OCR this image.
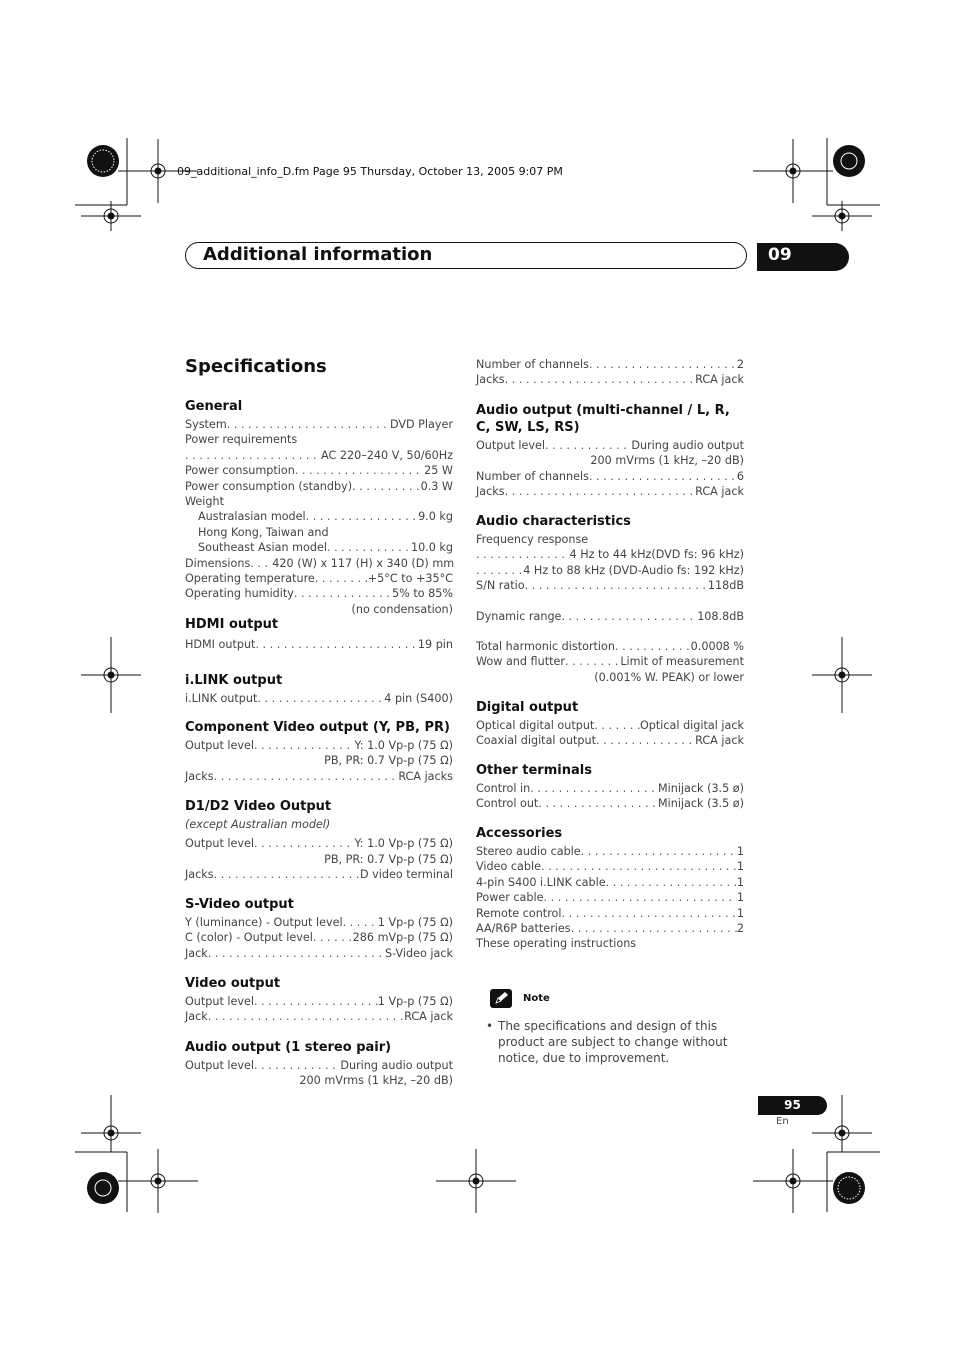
09_additional_info_D.fm Page 95 Thursday, October 13, 2005 9:07 PM
Additional information	09
Specifications
General
System . . .	DVD Player
Power requirements
. . .
AC 220–240 V, 50/60Hz
Power consumption . . .	25 W
Power consumption (standby) . . .	0.3 W
Weight
Australasian model . . .	9.0 kg
Hong Kong, Taiwan and
Southeast Asian model . . .	10.0 kg
Dimensions . . . 420 (W) x 117 (H) x 340 (D) mm
Operating temperature . . .	+5°C to +35°C
Operating humidity . . .	5% to 85%
(no condensation)
HDMI output
HDMI output . . .	19 pin
i.LINK output
i.LINK output . . .	4 pin (S400)
Component Video output (Y, PB, PR)
Output level . . .	Y: 1.0 Vp-p (75 Ω)
PB, PR: 0.7 Vp-p (75 Ω)
Jacks . . .	RCA jacks
D1/D2 Video Output
(except Australian model)
Output level . . .	Y: 1.0 Vp-p (75 Ω)
PB, PR: 0.7 Vp-p (75 Ω)
Jacks . . .	D video terminal
S-Video output
Y (luminance) - Output level . . .	1 Vp-p (75 Ω)
C (color) - Output level . . .	286 mVp-p (75 Ω)
Jack . . .	S-Video jack
Video output
Output level . . .	1 Vp-p (75 Ω)
Jack . . .	RCA jack
Audio output (1 stereo pair)
Output level . . .	During audio output
200 mVrms (1 kHz, –20 dB)
Number of channels . . .	2
Jacks . . .	RCA jack
Audio output (multi-channel / L, R, C, SW, LS, RS)
Output level . . .	During audio output
200 mVrms (1 kHz, –20 dB)
Number of channels . . .	6
Jacks . . .	RCA jack
Audio characteristics
Frequency response
. . .
4 Hz to 44 kHz(DVD fs: 96 kHz)
. . .
4 Hz to 88 kHz (DVD-Audio fs: 192 kHz)
S/N ratio . . .	118dB
Dynamic range . . .	108.8dB
Total harmonic distortion . . .	0.0008 %
Wow and flutter . . .	Limit of measurement
(0.001% W. PEAK) or lower
Digital output
Optical digital output . . .	Optical digital jack
Coaxial digital output . . .	RCA jack
Other terminals
Control in . . .	Minijack (3.5 ø)
Control out . . .	Minijack (3.5 ø)
Accessories
Stereo audio cable . . .	1
Video cable . . .	1
4-pin S400 i.LINK cable . . .	1
Power cable . . .	1
Remote control . . .	1
AA/R6P batteries . . .	2
These operating instructions
Note
• The specifications and design of this product are subject to change without notice, due to improvement.
95
En
